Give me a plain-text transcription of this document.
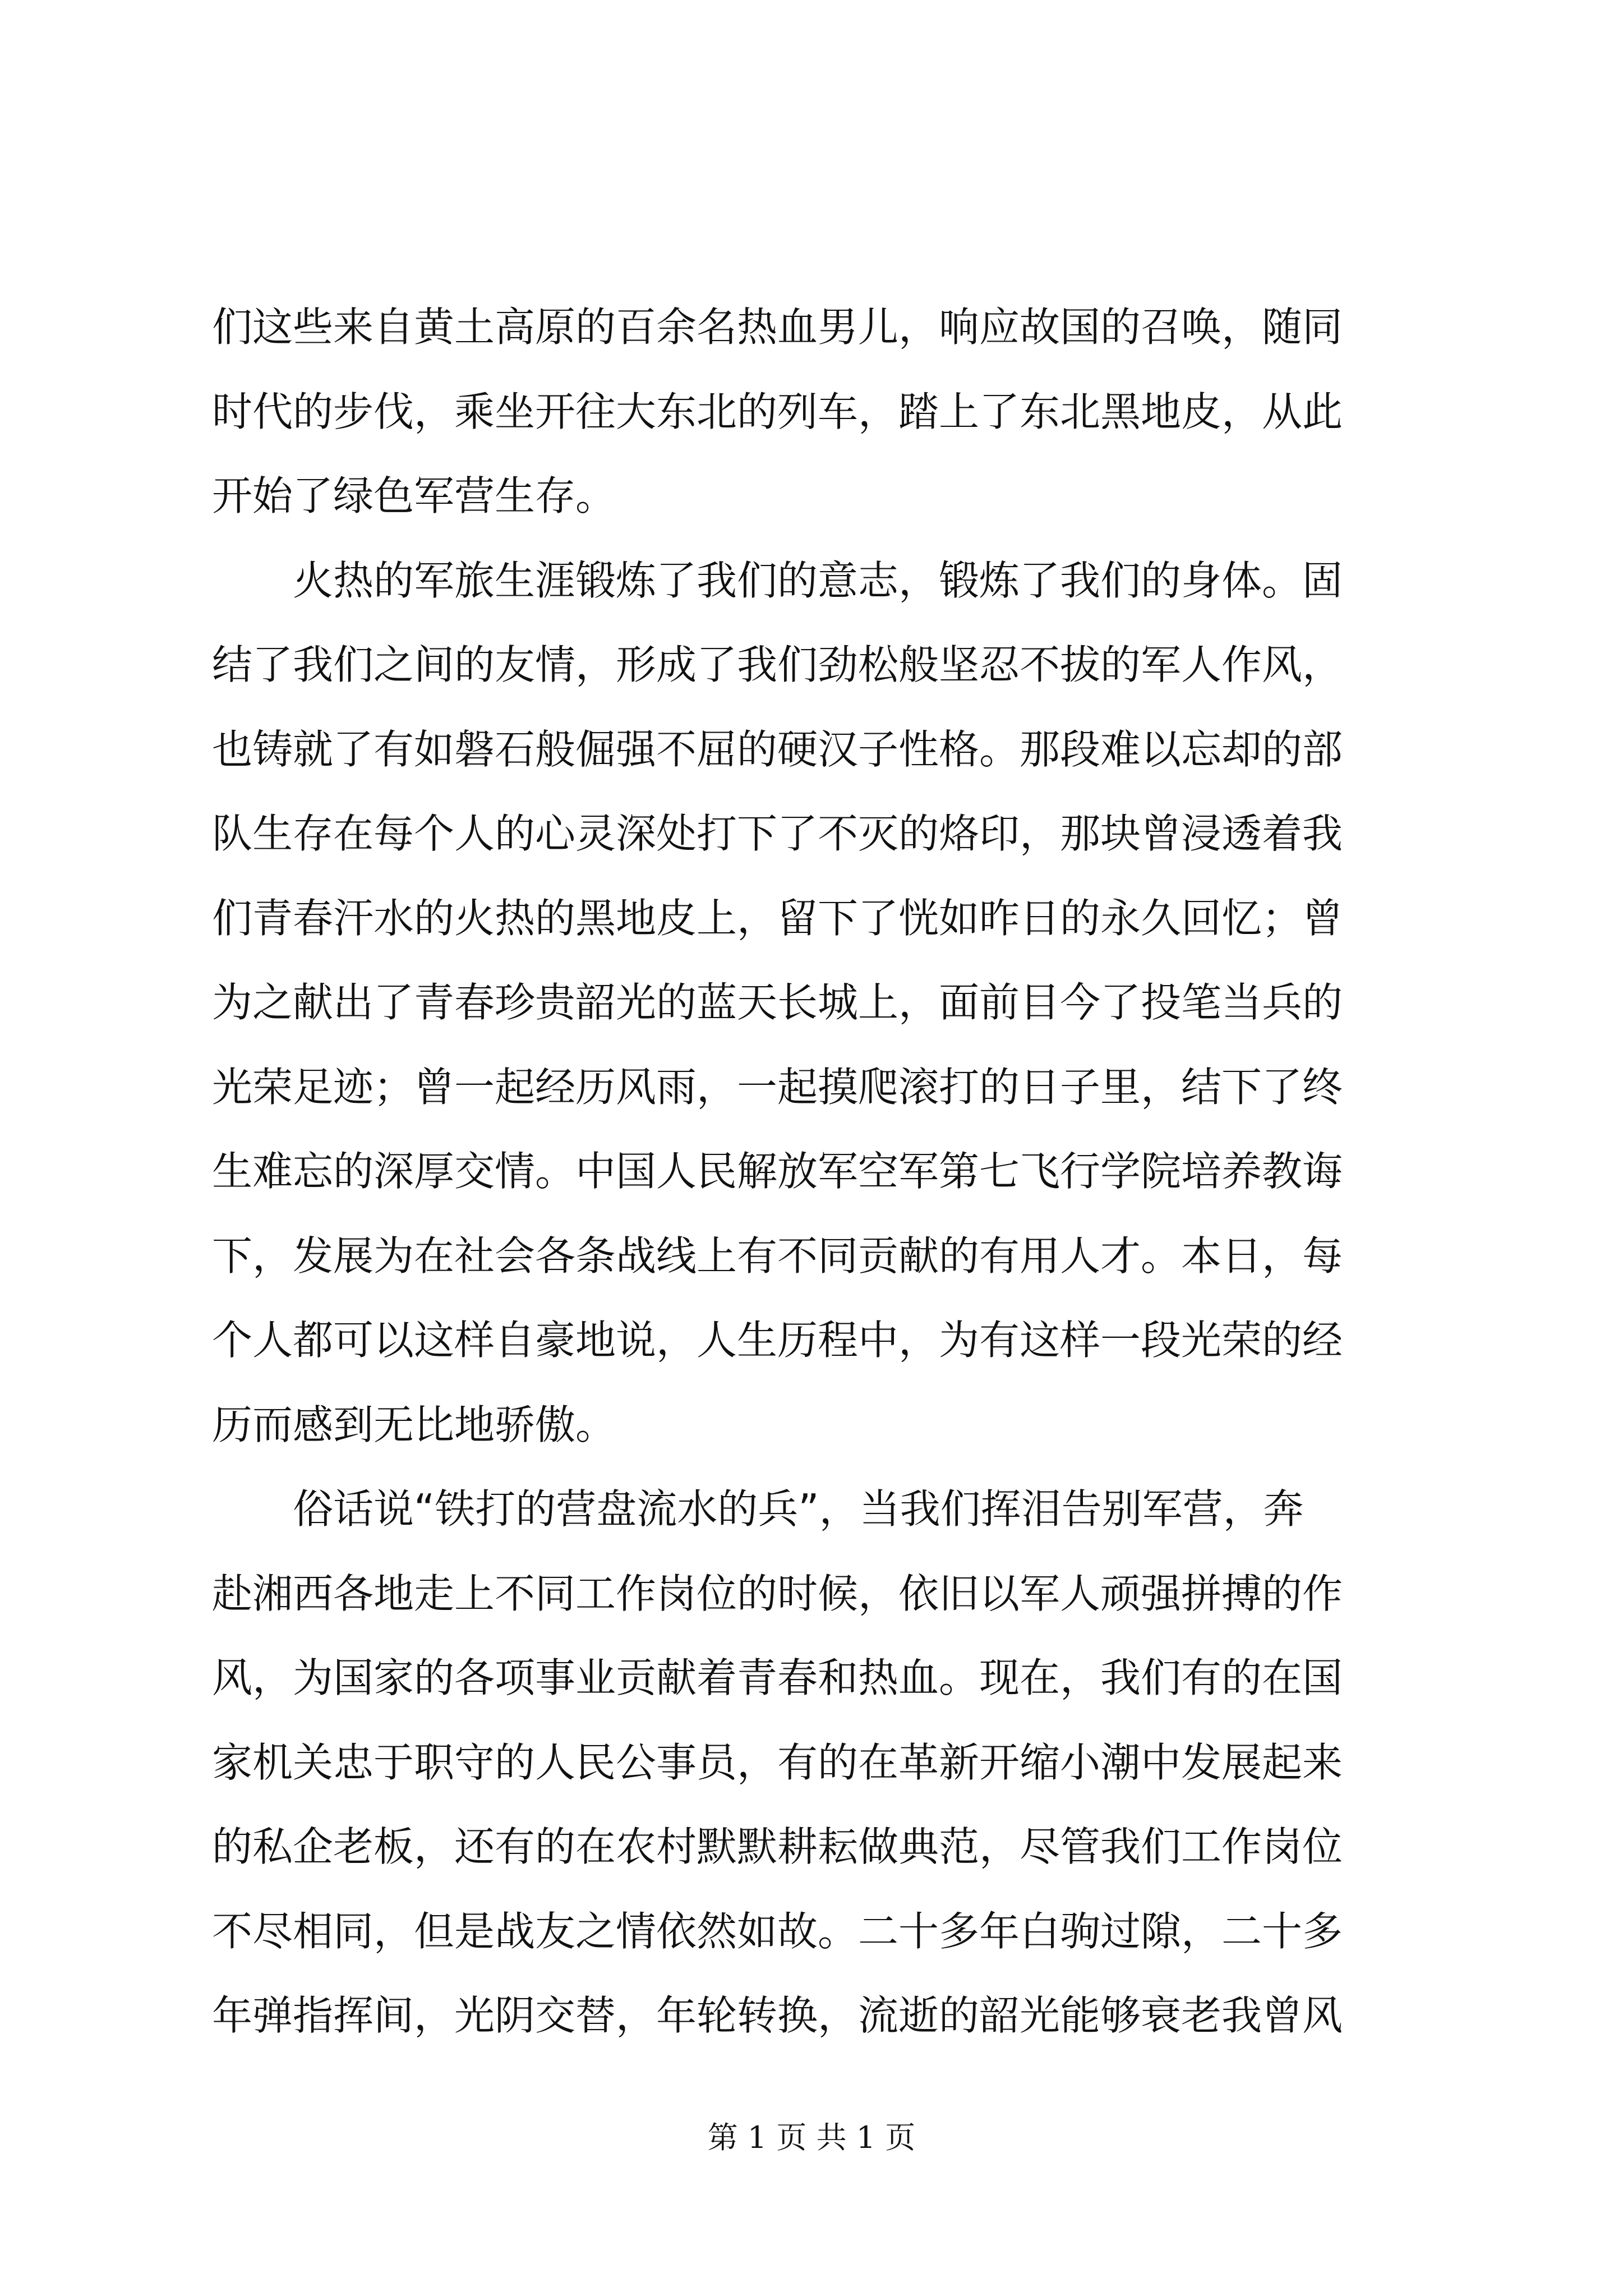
们这些来自黄土高原的百余名热血男儿，响应故国的召唤，随同
时代的步伐，乘坐开往大东北的列车，踏上了东北黑地皮，从此
开始了绿色军营生存。
　　火热的军旅生涯锻炼了我们的意志，锻炼了我们的身体。固
结了我们之间的友情，形成了我们劲松般坚忍不拔的军人作风，
也铸就了有如磐石般倔强不屈的硬汉子性格。那段难以忘却的部
队生存在每个人的心灵深处打下了不灭的烙印，那块曾浸透着我
们青春汗水的火热的黑地皮上，留下了恍如昨日的永久回忆；曾
为之献出了青春珍贵韶光的蓝天长城上，面前目今了投笔当兵的
光荣足迹；曾一起经历风雨，一起摸爬滚打的日子里，结下了终
生难忘的深厚交情。中国人民解放军空军第七飞行学院培养教诲
下，发展为在社会各条战线上有不同贡献的有用人才。本日，每
个人都可以这样自豪地说，人生历程中，为有这样一段光荣的经
历而感到无比地骄傲。
　　俗话说“铁打的营盘流水的兵”，当我们挥泪告别军营，奔
赴湘西各地走上不同工作岗位的时候，依旧以军人顽强拼搏的作
风，为国家的各项事业贡献着青春和热血。现在，我们有的在国
家机关忠于职守的人民公事员，有的在革新开缩小潮中发展起来
的私企老板，还有的在农村默默耕耘做典范，尽管我们工作岗位
不尽相同，但是战友之情依然如故。二十多年白驹过隙，二十多
年弹指挥间，光阴交替，年轮转换，流逝的韶光能够衰老我曾风
第 1 页 共 1 页
